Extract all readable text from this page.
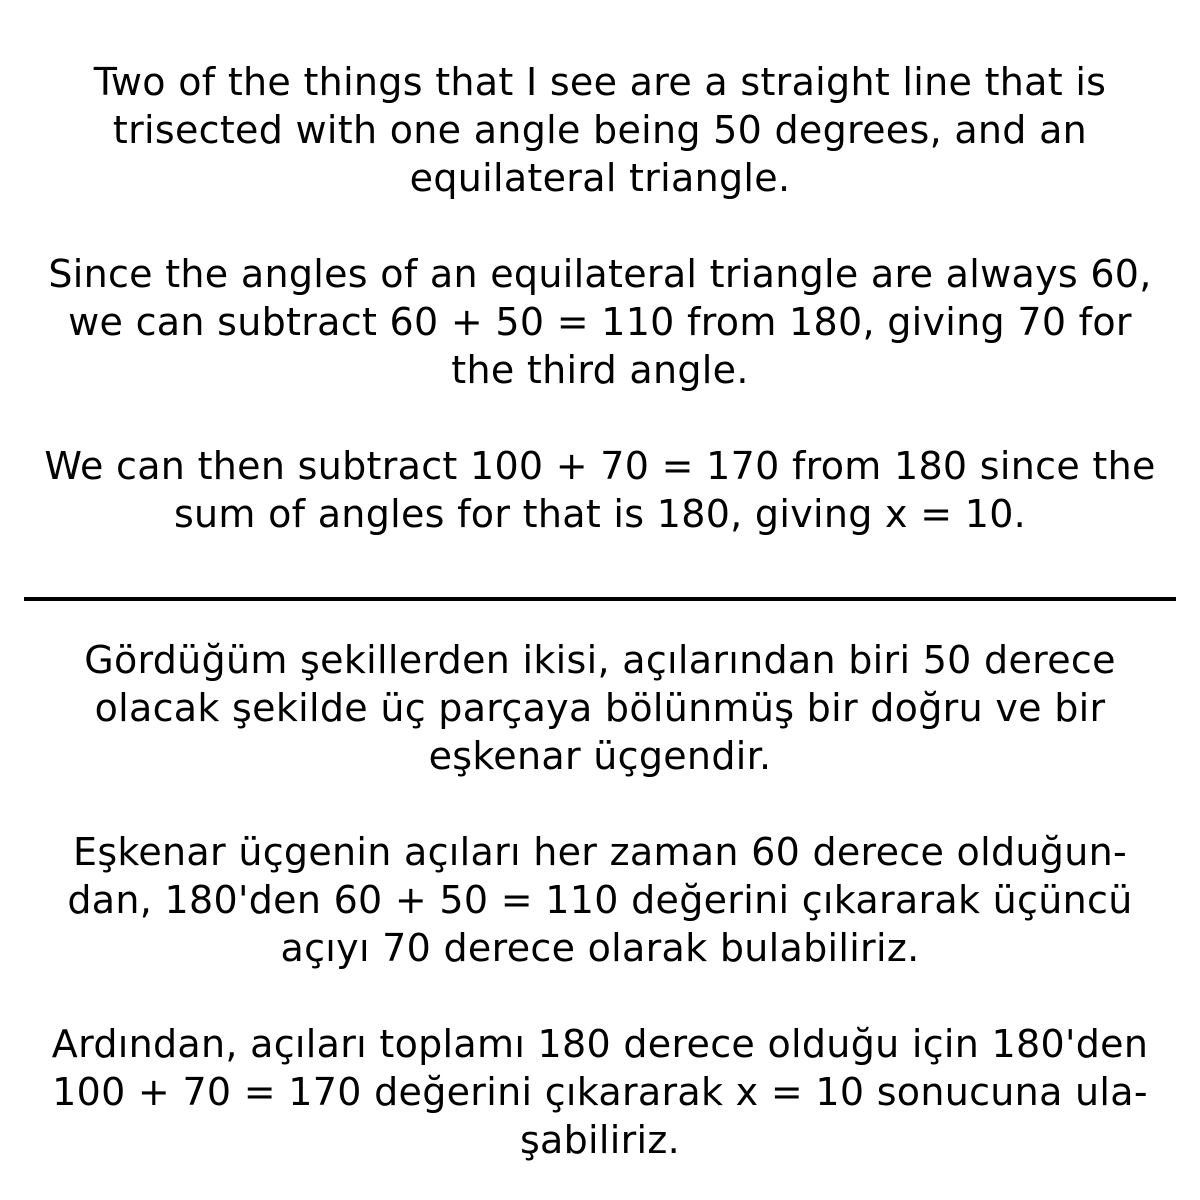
Two of the things that I see are a straight line that is
trisected with one angle being 50 degrees, and an
equilateral triangle.

Since the angles of an equilateral triangle are always 60,
we can subtract 60 + 50 = 110 from 180, giving 70 for
the third angle.

We can then subtract 100 + 70 = 170 from 180 since the
sum of angles for that is 180, giving x = 10.

Gördüğüm şekillerden ikisi, açılarından biri 50 derece
olacak şekilde üç parçaya bölünmüş bir doğru ve bir
eşkenar üçgendir.

Eşkenar üçgenin açıları her zaman 60 derece olduğun-
dan, 180'den 60 + 50 = 110 değerini çıkararak üçüncü
açıyı 70 derece olarak bulabiliriz.

Ardından, açıları toplamı 180 derece olduğu için 180'den
100 + 70 = 170 değerini çıkararak x = 10 sonucuna ula-
şabiliriz.
